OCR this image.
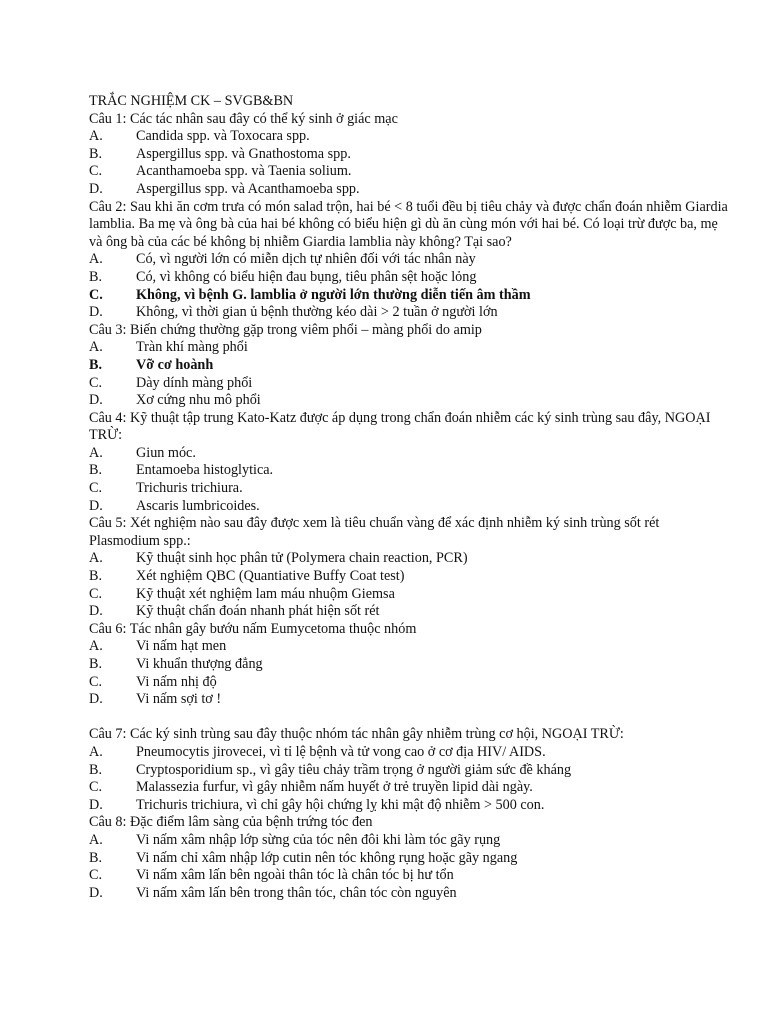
TRẮC NGHIỆM CK – SVGB&BN
Câu 1: Các tác nhân sau đây có thể ký sinh ở giác mạc
A.	Candida spp. và Toxocara spp.
B.	Aspergillus spp. và Gnathostoma spp.
C.	Acanthamoeba spp. và Taenia solium.
D.	Aspergillus spp. và Acanthamoeba spp.
Câu 2: Sau khi ăn cơm trưa có món salad trộn, hai bé < 8 tuổi đều bị tiêu chảy và được chẩn đoán nhiễm Giardia lamblia. Ba mẹ và ông bà của hai bé không có biểu hiện gì dù ăn cùng món với hai bé. Có loại trừ được ba, mẹ và ông bà của các bé không bị nhiễm Giardia lamblia này không? Tại sao?
A.	Có, vì người lớn có miễn dịch tự nhiên đối với tác nhân này
B.	Có, vì không có biểu hiện đau bụng, tiêu phân sệt hoặc lỏng
C.	Không, vì bệnh G. lamblia ở người lớn thường diễn tiến âm thầm
D.	Không, vì thời gian ủ bệnh thường kéo dài > 2 tuần ở người lớn
Câu 3: Biến chứng thường gặp trong viêm phổi – màng phổi do amip
A.	Tràn khí màng phổi
B.	Vỡ cơ hoành
C.	Dày dính màng phổi
D.	Xơ cứng nhu mô phổi
Câu 4: Kỹ thuật tập trung Kato-Katz được áp dụng trong chẩn đoán nhiễm các ký sinh trùng sau đây, NGOẠI TRỪ:
A.	Giun móc.
B.	Entamoeba histoglytica.
C.	Trichuris trichiura.
D.	Ascaris lumbricoides.
Câu 5: Xét nghiệm nào sau đây được xem là tiêu chuẩn vàng để xác định nhiễm ký sinh trùng sốt rét Plasmodium spp.:
A.	Kỹ thuật sinh học phân tử (Polymera chain reaction, PCR)
B.	Xét nghiệm QBC (Quantiative Buffy Coat test)
C.	Kỹ thuật xét nghiệm lam máu nhuộm Giemsa
D.	Kỹ thuật chẩn đoán nhanh phát hiện sốt rét
Câu 6: Tác nhân gây bướu nấm Eumycetoma thuộc nhóm
A.	Vi nấm hạt men
B.	Vi khuẩn thượng đẳng
C.	Vi nấm nhị độ
D.	Vi nấm sợi tơ !
Câu 7: Các ký sinh trùng sau đây thuộc nhóm tác nhân gây nhiễm trùng cơ hội, NGOẠI TRỪ:
A.	Pneumocytis jirovecei, vì tỉ lệ bệnh và tử vong cao ở cơ địa HIV/ AIDS.
B.	Cryptosporidium sp., vì gây tiêu chảy trầm trọng ở người giảm sức đề kháng
C.	Malassezia furfur, vì gây nhiễm nấm huyết ở trẻ truyền lipid dài ngày.
D.	Trichuris trichiura, vì chỉ gây hội chứng lỵ khi mật độ nhiễm > 500 con.
Câu 8: Đặc điểm lâm sàng của bệnh trứng tóc đen
A.	Vi nấm xâm nhập lớp sừng của tóc nên đôi khi làm tóc gãy rụng
B.	Vi nấm chỉ xâm nhập lớp cutin nên tóc không rụng hoặc gãy ngang
C.	Vi nấm xâm lấn bên ngoài thân tóc là chân tóc bị hư tổn
D.	Vi nấm xâm lấn bên trong thân tóc, chân tóc còn nguyên
